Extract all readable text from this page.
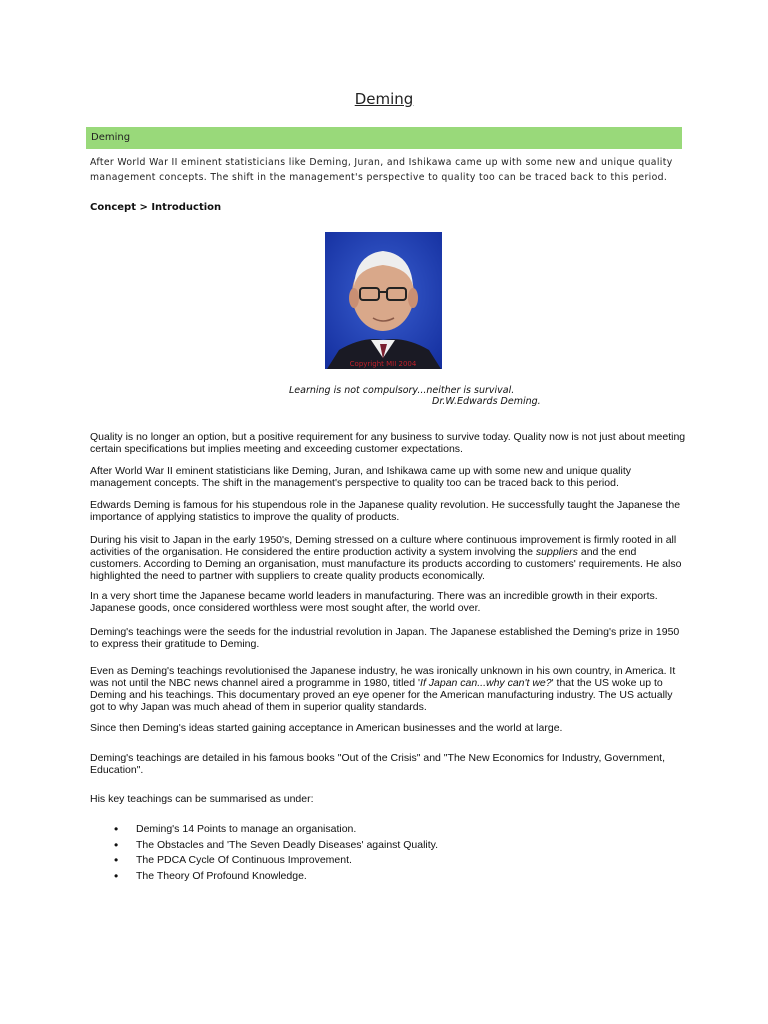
Deming
Deming
After World War II eminent statisticians like Deming, Juran, and Ishikawa came up with some new and unique quality management concepts. The shift in the management's perspective to quality too can be traced back to this period.
Concept > Introduction
Copyright MII 2004
Learning is not compulsory...neither is survival.
Dr.W.Edwards Deming.

Quality is no longer an option, but a positive requirement for any business to survive today. Quality now is not just about meeting certain specifications but implies meeting and exceeding customer expectations.

After World War II eminent statisticians like Deming, Juran, and Ishikawa came up with some new and unique quality management concepts. The shift in the management's perspective to quality too can be traced back to this period.

Edwards Deming is famous for his stupendous role in the Japanese quality revolution. He successfully taught the Japanese the importance of applying statistics to improve the quality of products.

During his visit to Japan in the early 1950's, Deming stressed on a culture where continuous improvement is firmly rooted in all activities of the organisation. He considered the entire production activity a system involving the suppliers and the end customers. According to Deming an organisation, must manufacture its products according to customers' requirements. He also highlighted the need to partner with suppliers to create quality products economically.

In a very short time the Japanese became world leaders in manufacturing. There was an incredible growth in their exports. Japanese goods, once considered worthless were most sought after, the world over.

Deming's teachings were the seeds for the industrial revolution in Japan. The Japanese established the Deming's prize in 1950 to express their gratitude to Deming.

Even as Deming's teachings revolutionised the Japanese industry, he was ironically unknown in his own country, in America. It was not until the NBC news channel aired a programme in 1980, titled 'If Japan can...why can't we?' that the US woke up to Deming and his teachings. This documentary proved an eye opener for the American manufacturing industry. The US actually got to why Japan was much ahead of them in superior quality standards.

Since then Deming's ideas started gaining acceptance in American businesses and the world at large.

Deming's teachings are detailed in his famous books "Out of the Crisis" and "The New Economics for Industry, Government, Education".

His key teachings can be summarised as under:

• Deming's 14 Points to manage an organisation.
• The Obstacles and 'The Seven Deadly Diseases' against Quality.
• The PDCA Cycle Of Continuous Improvement.
• The Theory Of Profound Knowledge.
